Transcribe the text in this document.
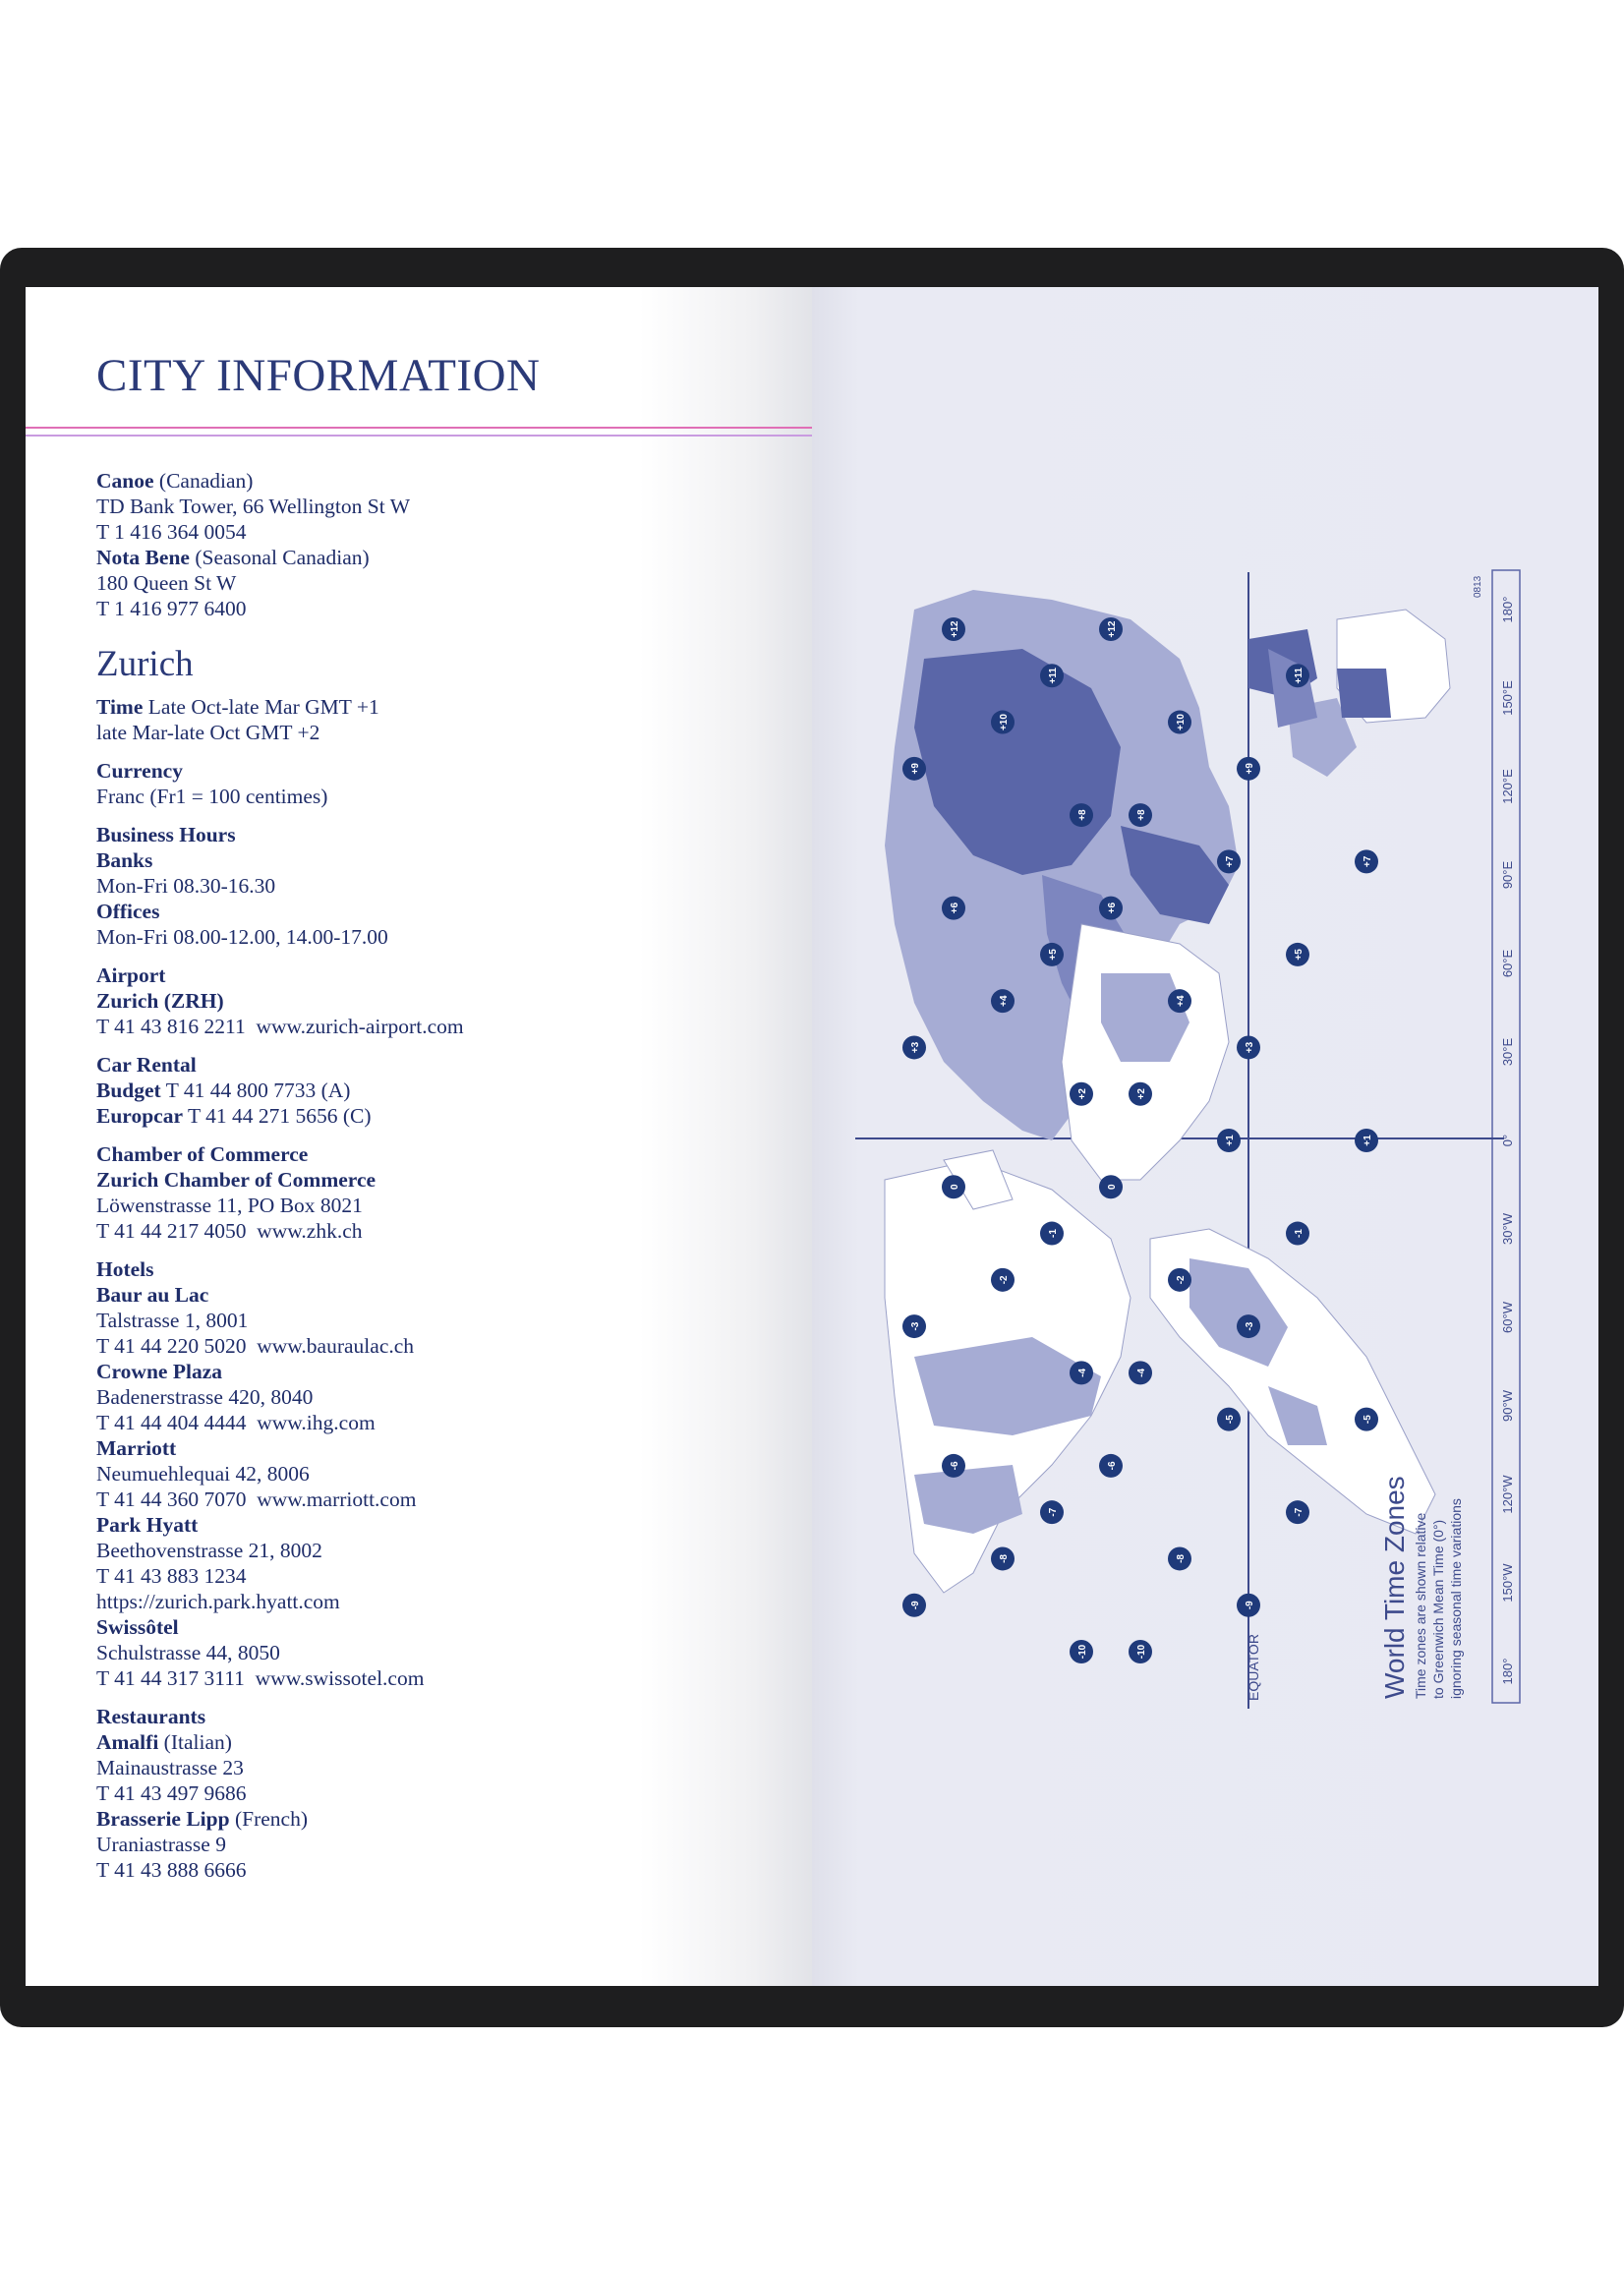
CITY INFORMATION
Canoe (Canadian)
TD Bank Tower, 66 Wellington St W
T 1 416 364 0054
Nota Bene (Seasonal Canadian)
180 Queen St W
T 1 416 977 6400
Zurich
Time Late Oct-late Mar GMT +1
late Mar-late Oct GMT +2
Currency
Franc (Fr1 = 100 centimes)
Business Hours
Banks
Mon-Fri 08.30-16.30
Offices
Mon-Fri 08.00-12.00, 14.00-17.00
Airport
Zurich (ZRH)
T 41 43 816 2211  www.zurich-airport.com
Car Rental
Budget T 41 44 800 7733 (A)
Europcar T 41 44 271 5656 (C)
Chamber of Commerce
Zurich Chamber of Commerce
Löwenstrasse 11, PO Box 8021
T 41 44 217 4050  www.zhk.ch
Hotels
Baur au Lac
Talstrasse 1, 8001
T 41 44 220 5020  www.bauraulac.ch
Crowne Plaza
Badenerstrasse 420, 8040
T 41 44 404 4444  www.ihg.com
Marriott
Neumuehlequai 42, 8006
T 41 44 360 7070  www.marriott.com
Park Hyatt
Beethovenstrasse 21, 8002
T 41 43 883 1234
https://zurich.park.hyatt.com
Swissôtel
Schulstrasse 44, 8050
T 41 44 317 3111  www.swissotel.com
Restaurants
Amalfi (Italian)
Mainaustrasse 23
T 41 43 497 9686
Brasserie Lipp (French)
Uraniastrasse 9
T 41 43 888 6666
180°
150°E
120°E
90°E
60°E
30°E
0°
30°W
60°W
90°W
120°W
150°W
180°
0813
EQUATOR
+12	+12
+11
+11
+10
+10
+9
+9
+8
+8
+7
+7
+6	+6
+5
+5
+4
+4
+3
+3
+2
+2
+1
+1
0	0
-1
-1
-2
-2
-3
-3
-4
-4
-5
-5
-6	-6
-7
-7
-8
-8
-9
-9
-10
-10	World Time Zones Time zones are shown relative to Greenwich Mean Time (0°) ignoring seasonal time variations
